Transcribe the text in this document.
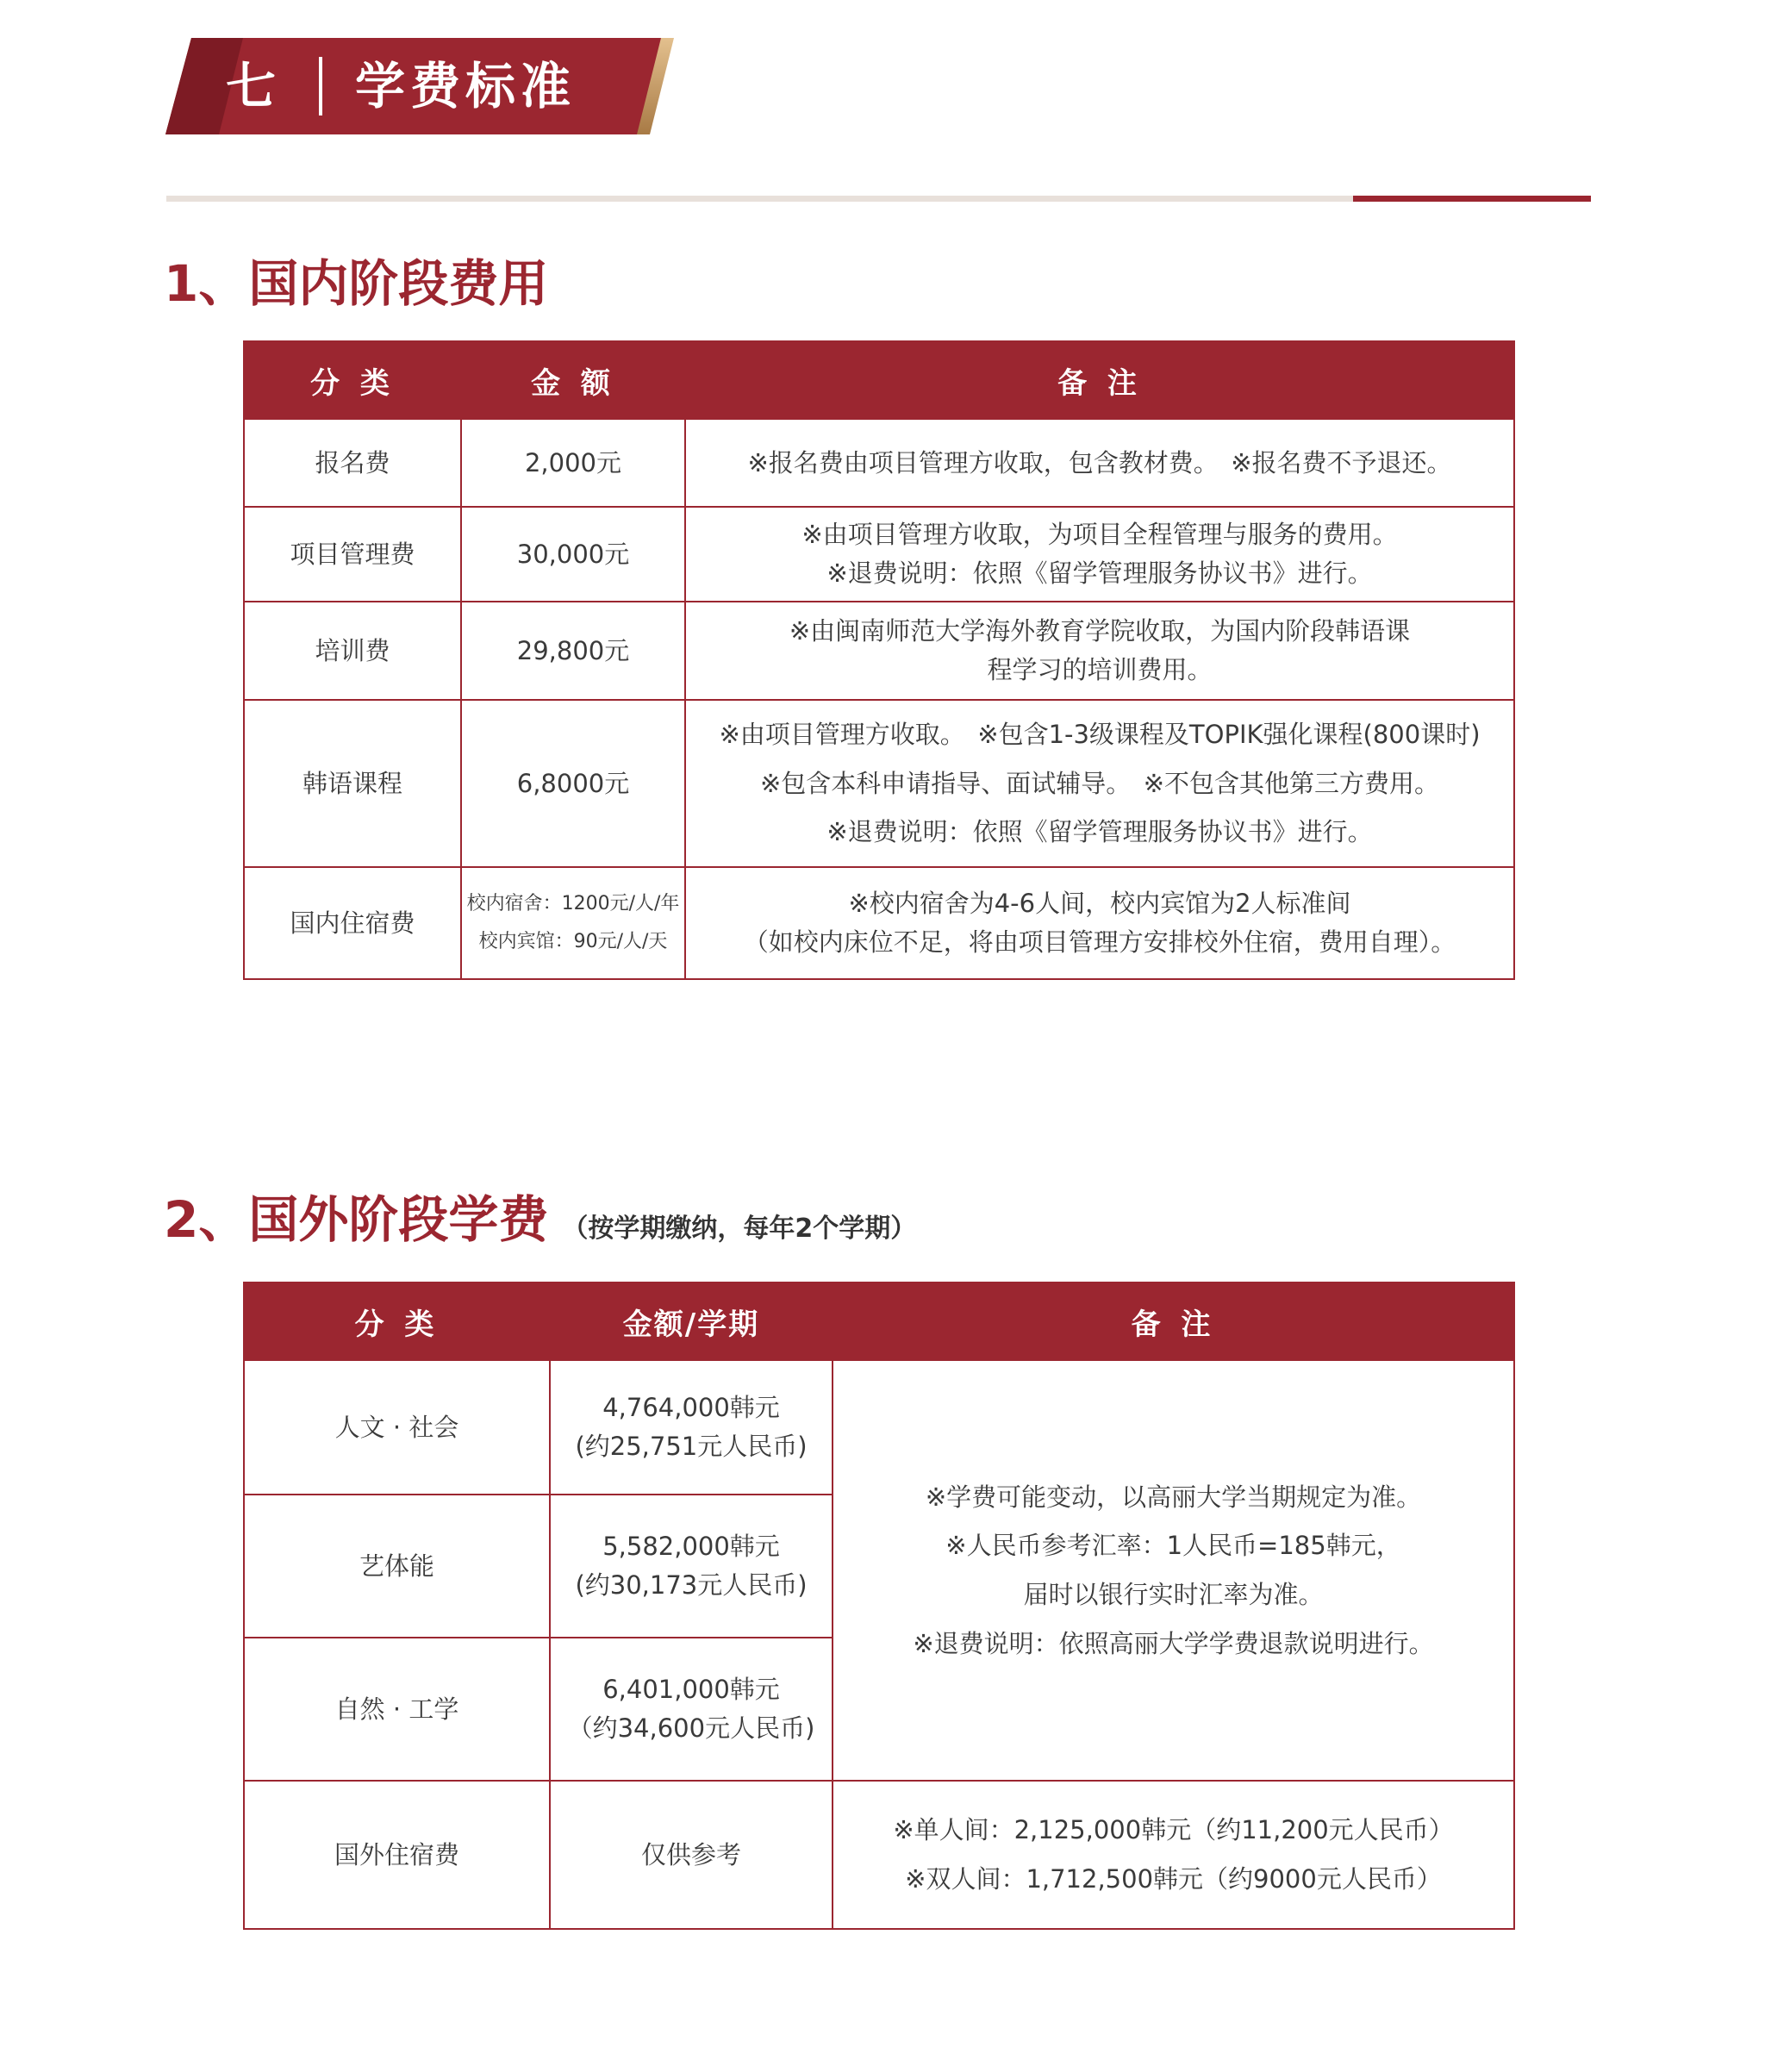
七 学费标准
1、国内阶段费用
分 类	金 额	备 注
报名费	2,000元	※报名费由项目管理方收取，包含教材费。　※报名费不予退还。

项目管理费	30,000元	※由项目管理方收取，为项目全程管理与服务的费用。
※退费说明：依照《留学管理服务协议书》进行。

培训费	29,800元	※由闽南师范大学海外教育学院收取，为国内阶段韩语课
程学习的培训费用。

韩语课程	6,8000元	※由项目管理方收取。　※包含1-3级课程及TOPIK强化课程(800课时)
※包含本科申请指导、面试辅导。　※不包含其他第三方费用。
※退费说明：依照《留学管理服务协议书》进行。

国内住宿费	校内宿舍：1200元/人/年
校内宾馆：90元/人/天	※校内宿舍为4-6人间，校内宾馆为2人标准间
（如校内床位不足，将由项目管理方安排校外住宿，费用自理）。
2、国外阶段学费 （按学期缴纳，每年2个学期）
分 类	金额/学期	备 注
人文 · 社会	4,764,000韩元
(约25,751元人民币)	※学费可能变动，以高丽大学当期规定为准。
※人民币参考汇率：1人民币=185韩元，
届时以银行实时汇率为准。
※退费说明：依照高丽大学学费退款说明进行。

艺体能	5,582,000韩元
(约30,173元人民币)	

自然 · 工学	6,401,000韩元
（约34,600元人民币)	

国外住宿费	仅供参考	※单人间：2,125,000韩元（约11,200元人民币）
※双人间：1,712,500韩元（约9000元人民币）
